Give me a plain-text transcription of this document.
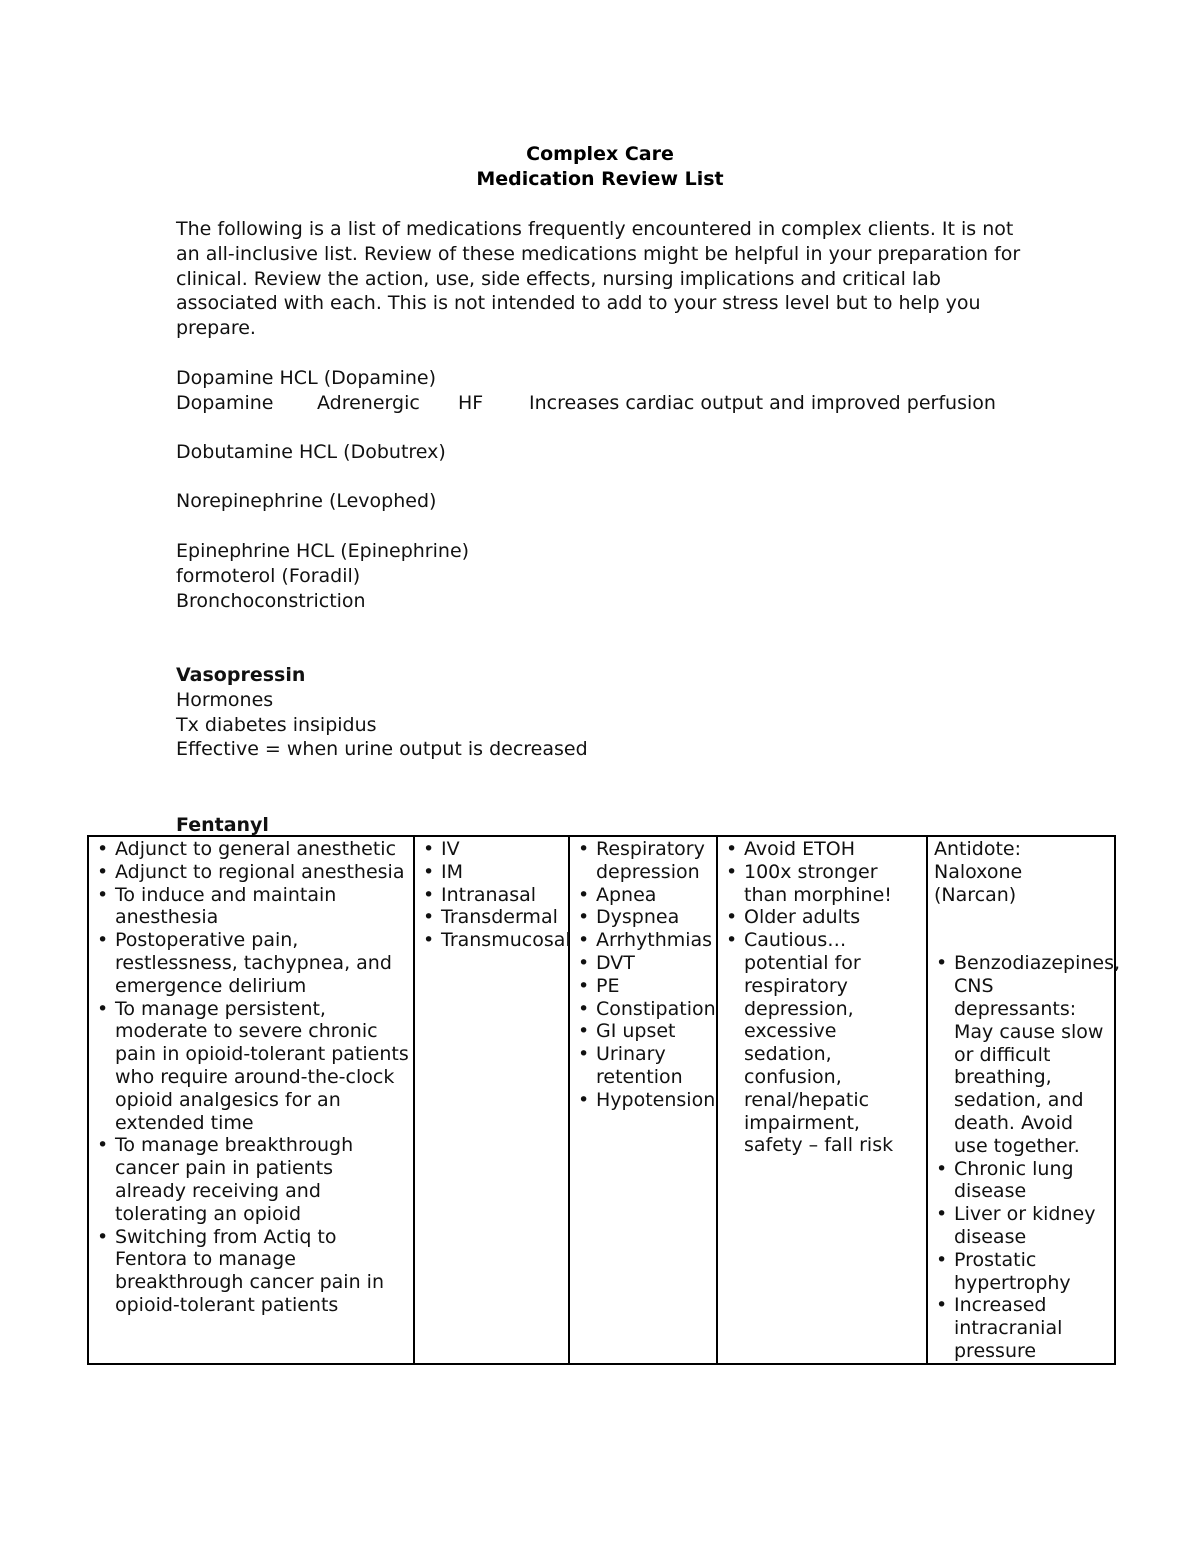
Complex Care
Medication Review List
The following is a list of medications frequently encountered in complex clients. It is not
an all-inclusive list. Review of these medications might be helpful in your preparation for
clinical. Review the action, use, side effects, nursing implications and critical lab
associated with each. This is not intended to add to your stress level but to help you
prepare.
Dopamine HCL (Dopamine)
Dopamine Adrenergic HF Increases cardiac output and improved perfusion
Dobutamine HCL (Dobutrex)
Norepinephrine (Levophed)
Epinephrine HCL (Epinephrine)
formoterol (Foradil)
Bronchoconstriction
Vasopressin
Hormones
Tx diabetes insipidus
Effective = when urine output is decreased
Fentanyl
• Adjunct to general anesthetic
• Adjunct to regional anesthesia
• To induce and maintain anesthesia
• Postoperative pain, restlessness, tachypnea, and emergence delirium
• To manage persistent, moderate to severe chronic pain in opioid-tolerant patients who require around-the-clock opioid analgesics for an extended time
• To manage breakthrough cancer pain in patients already receiving and tolerating an opioid
• Switching from Actiq to Fentora to manage breakthrough cancer pain in opioid-tolerant patients

• IV
• IM
• Intranasal
• Transdermal
• Transmucosal

• Respiratory depression
• Apnea
• Dyspnea
• Arrhythmias
• DVT
• PE
• Constipation
• GI upset
• Urinary retention
• Hypotension

• Avoid ETOH
• 100x stronger than morphine!
• Older adults
• Cautious… potential for respiratory depression, excessive sedation, confusion, renal/hepatic impairment, safety – fall risk

Antidote: Naloxone (Narcan)
• Benzodiazepines, CNS depressants: May cause slow or difficult breathing, sedation, and death. Avoid use together.
• Chronic lung disease
• Liver or kidney disease
• Prostatic hypertrophy
• Increased intracranial pressure
